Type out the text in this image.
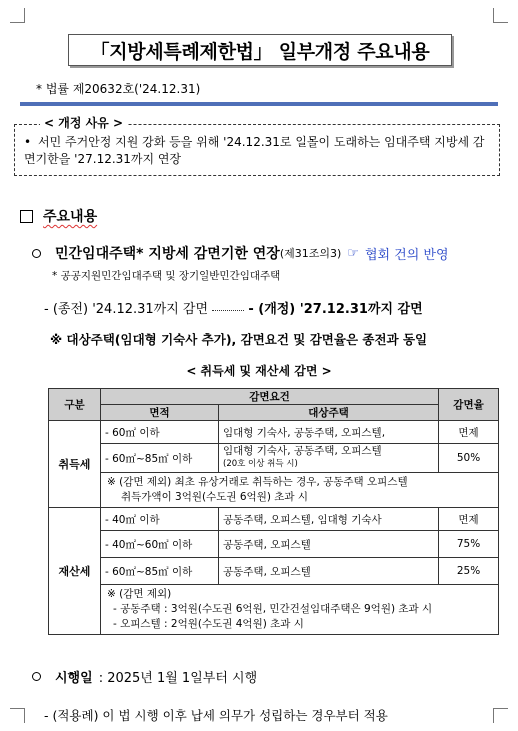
「지방세특례제한법」 일부개정 주요내용
* 법률 제20632호('24.12.31)
< 개정 사유 >
• 서민 주거안정 지원 강화 등을 위해 '24.12.31로 일몰이 도래하는 임대주택 지방세 감면기한을 '27.12.31까지 연장
주요내용
민간임대주택* 지방세 감면기한 연장 (제31조의3) ☞ 협회 건의 반영
* 공공지원민간임대주택 및 장기일반민간임대주택
- (종전) '24.12.31까지 감면	- (개정) '27.12.31까지 감면
※ 대상주택(임대형 기숙사 추가), 감면요건 및 감면율은 종전과 동일
< 취득세 및 재산세 감면 >
구분	감면요건		감면율
	면적	대상주택	
취득세	- 60㎡ 이하	임대형 기숙사, 공동주택, 오피스텔,	면제
	- 60㎡~85㎡ 이하	임대형 기숙사, 공동주택, 오피스텔
(20호 이상 취득 시)	50%

	※ (감면 제외) 최초 유상거래로 취득하는 경우, 공동주택 오피스텔
취득가액이 3억원(수도권 6억원) 초과 시		

재산세	- 40㎡ 이하	공동주택, 오피스텔, 임대형 기숙사	면제
	- 40㎡~60㎡ 이하	공동주택, 오피스텔	75%
	- 60㎡~85㎡ 이하	공동주택, 오피스텔	25%

	※ (감면 제외)
- 공동주택 : 3억원(수도권 6억원, 민간건설임대주택은 9억원) 초과 시
- 오피스텔 : 2억원(수도권 4억원) 초과 시		
시행일 : 2025년 1월 1일부터 시행
- (적용례) 이 법 시행 이후 납세 의무가 성립하는 경우부터 적용
